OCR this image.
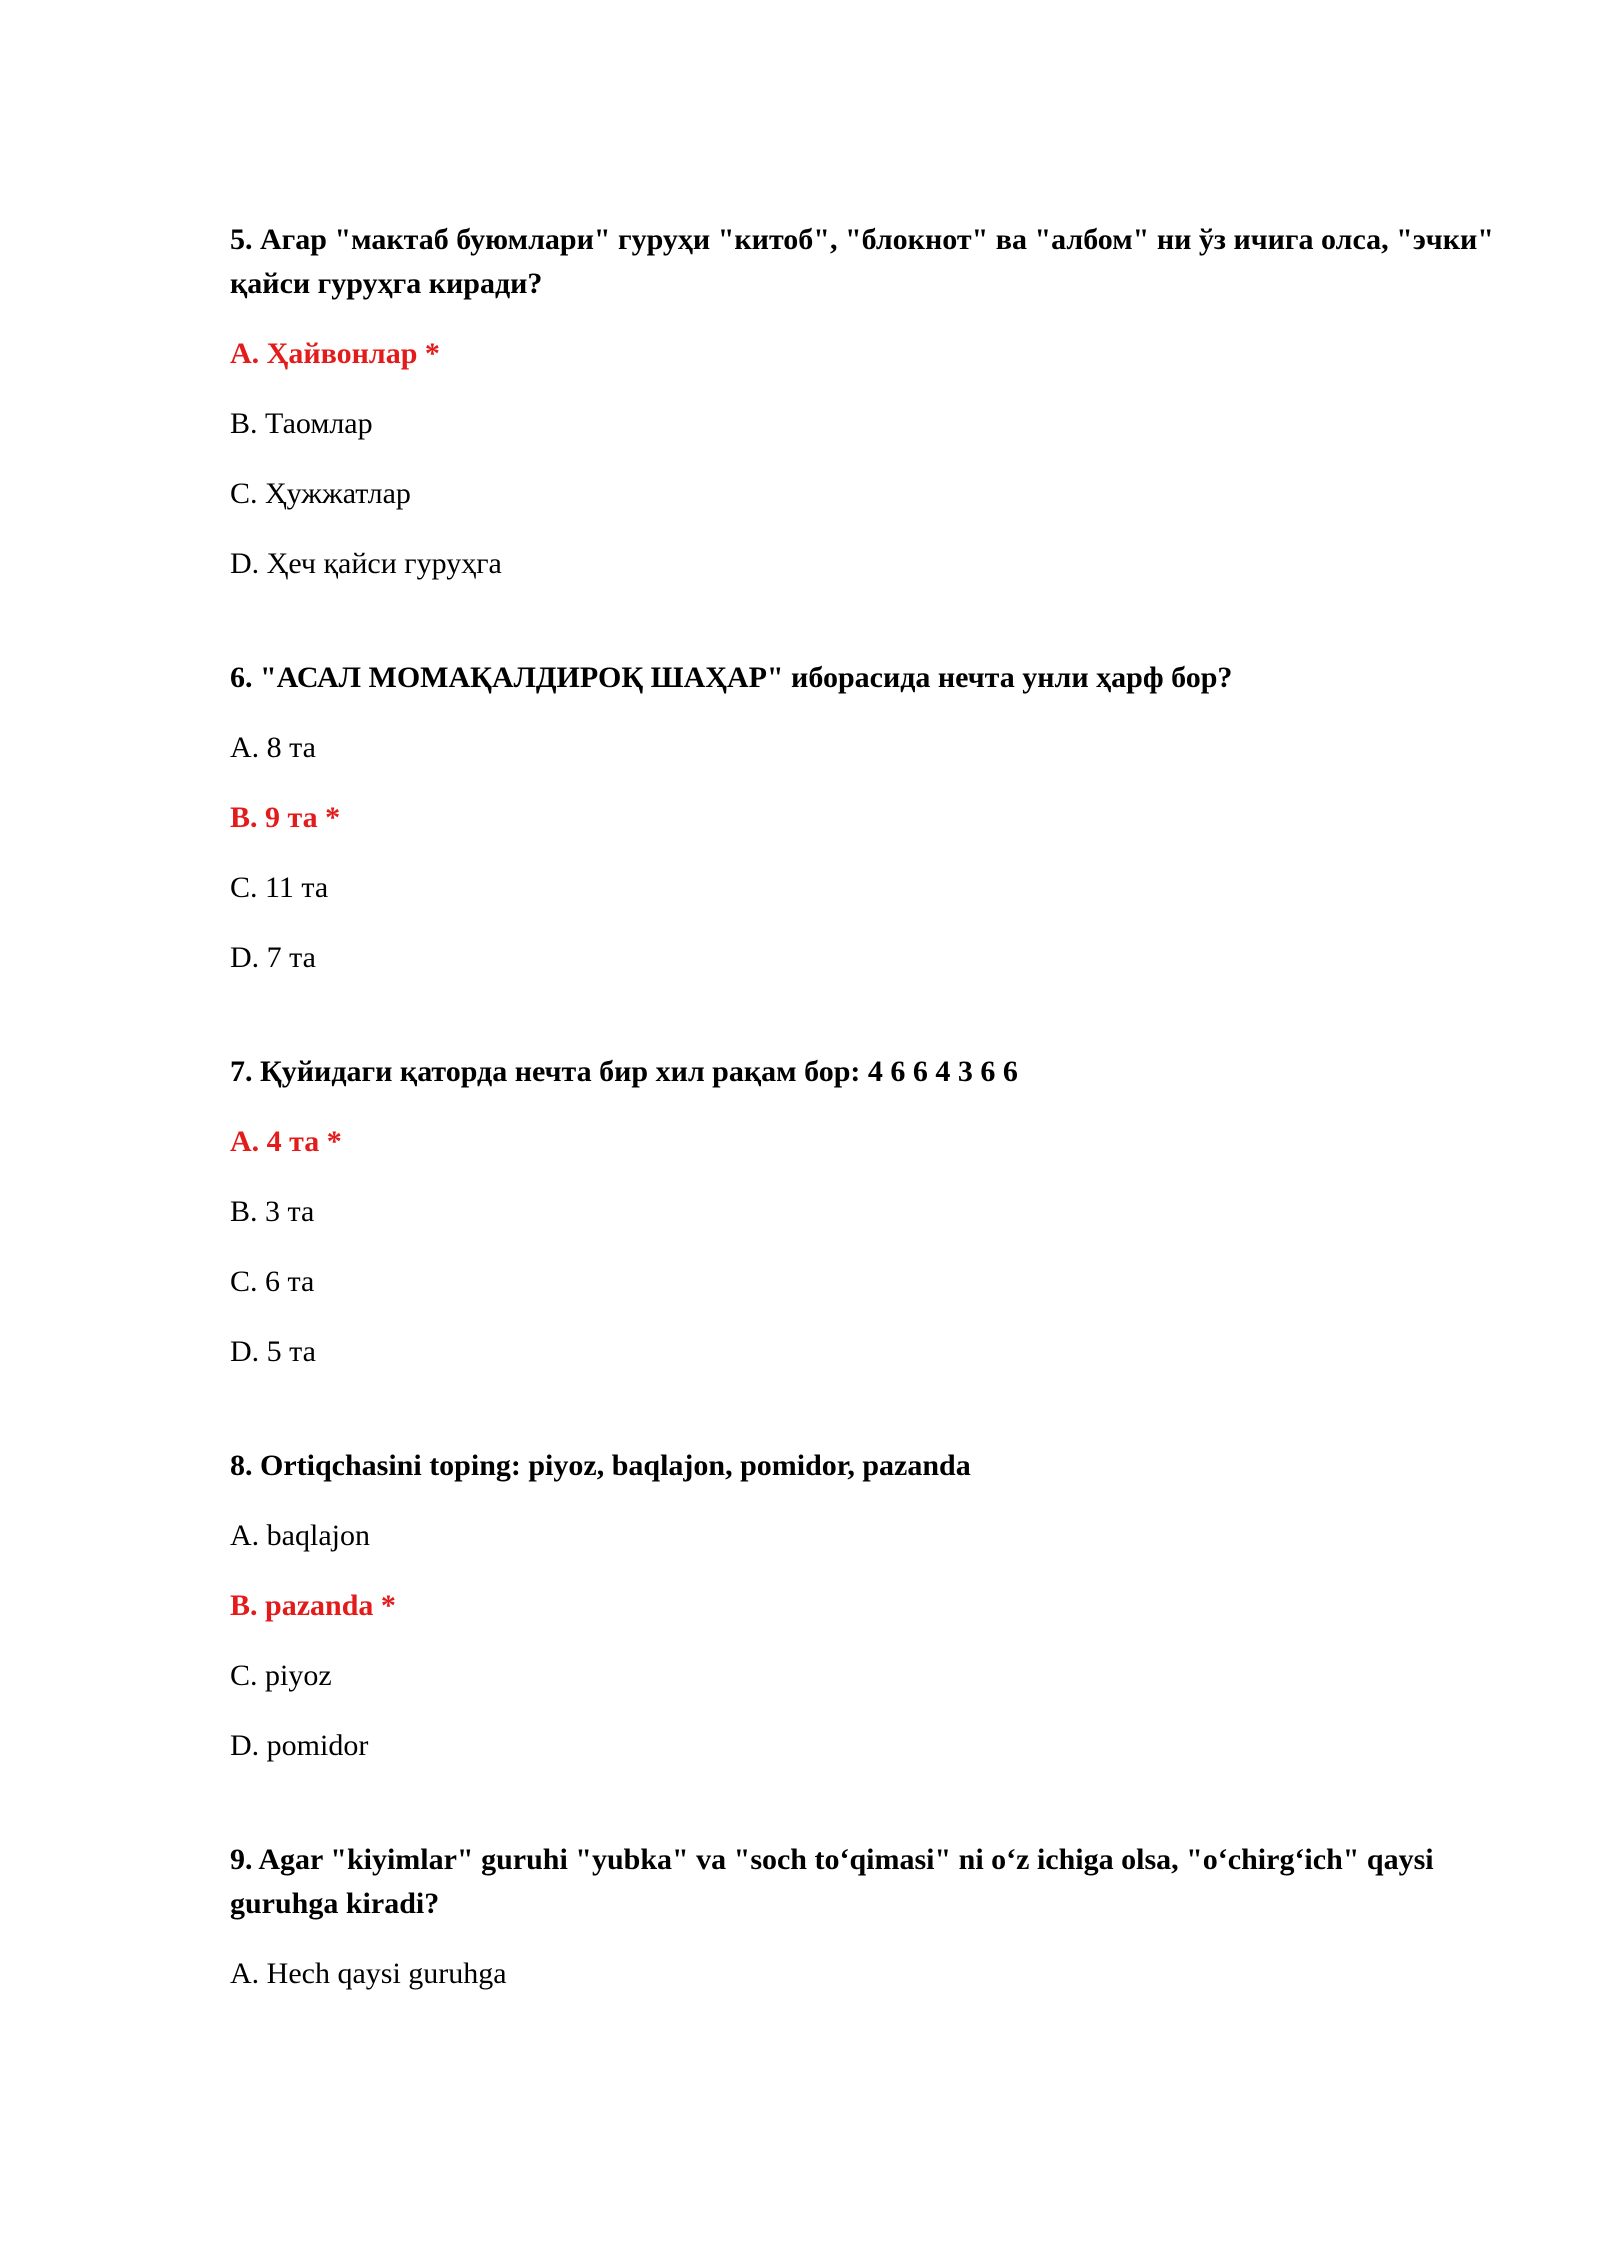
5. Агар "мактаб буюмлари" гуруҳи "китоб", "блокнот" ва "албом" ни ўз ичига олса, "эчки" қайси гуруҳга киради?

A. Ҳайвонлар *

B. Таомлар

C. Ҳужжатлар

D. Ҳеч қайси гуруҳга

6. "АСАЛ МОМАҚАЛДИРОҚ ШАҲАР" иборасида нечта унли ҳарф бор?

A. 8 та

B. 9 та *

C. 11 та

D. 7 та

7. Қуйидаги қаторда нечта бир хил рақам бор: 4 6 6 4 3 6 6

A. 4 та *

B. 3 та

C. 6 та

D. 5 та

8. Ortiqchasini toping: piyoz, baqlajon, pomidor, pazanda

A. baqlajon

B. pazanda *

C. piyoz

D. pomidor

9. Agar "kiyimlar" guruhi "yubka" va "soch to‘qimasi" ni o‘z ichiga olsa, "o‘chirg‘ich" qaysi guruhga kiradi?

A. Hech qaysi guruhga
